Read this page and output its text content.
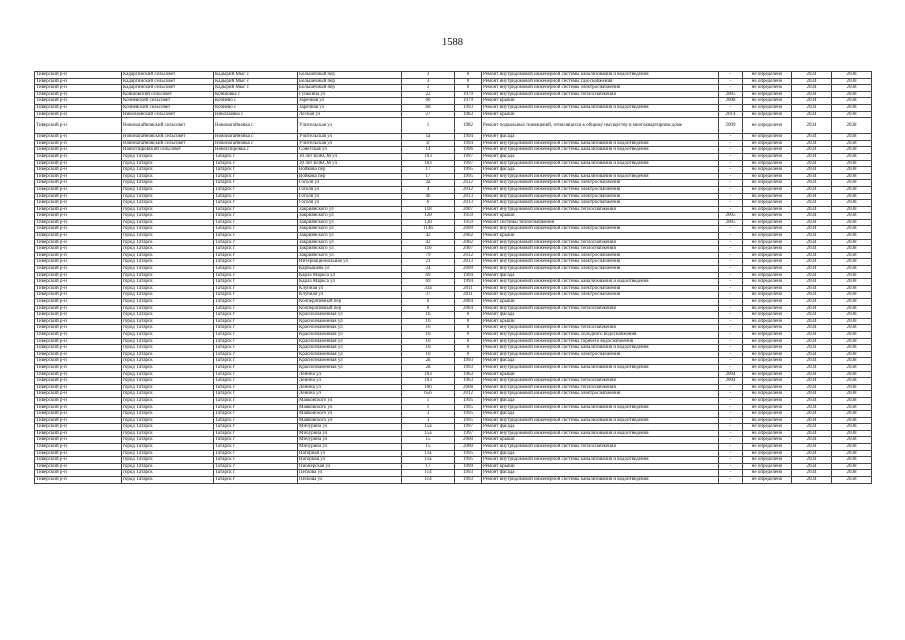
1588
Тиверский р-н	Кадаргинский сельсовет	Кадырий Мыс с	Большечный пер	3	0	Ремонт внутридомовой инженерной системы канализования и водоотведения	-	не определено	2034	2038
Тиверский р-н	Кадаргинский сельсовет	Кадырий Мыс с	Большечный пер	3	0	Ремонт внутридомовой инженерной системы газоснабжения	-	не определено	2034	2038
Тиверский р-н	Кадаргинский сельсовет	Кадырий Мыс с	Большечный пер	3	0	Ремонт внутридомовой инженерной системы электроснабжения	-	не определено	2034	2038
Тиверский р-н	Коншовский сельсовет	Коншовка с	Гунькина ул	22	1979	Ремонт внутридомовой инженерной системы теплоснабжения	2005	не определено	2034	2038
Тиверский р-н	Кочневский сельсовет	Кочнево с	Заречная ул	66	1979	Ремонт крыши	2008	не определено	2034	2038
Тиверский р-н	Кочневский сельсовет	Кочнево с	Заречная ул	68	1993	Ремонт внутридомовой инженерной системы канализования и водоотведения	-	не определено	2034	2038
Тиверский р-н	Николаевский сельсовет	Николаевка с	Лесная ул	27	1983	Ремонт крыши	2014	не определено	2034	2038
Тиверский р-н	Новонагайновский сельсовет	Новонагайновка с	Учительская ул	1	1982	Ремонт подвальных помещений, относящихся к общему имуществу в многоквартирном доме	2009	не определено	2034	2038
Тиверский р-н	Новонагайновский сельсовет	Новонагайновка с	Учительская ул	1а	1994	Ремонт фасада	-	не определено	2034	2038
Тиверский р-н	Новонагайновский сельсовет	Новонагайновка с	Учительская ул	1г	1994	Ремонт внутридомовой инженерной системы канализования и водоотведения	-	не определено	2034	2038
Тиверский р-н	Новоспировский сельсовет	Новоспировка с	Советская ул	14	1996	Ремонт внутридомовой инженерной системы канализования и водоотведения	-	не определено	2034	2038
Тиверский р-н	город Татарск	Татарск г	30 лет ВЛКСМ ул	103	1997	Ремонт фасада	-	не определено	2034	2038
Тиверский р-н	город Татарск	Татарск г	30 лет ВЛКСМ ул	103	1997	Ремонт внутридомовой инженерной системы канализования и водоотведения	-	не определено	2034	2038
Тиверский р-н	город Татарск	Татарск г	Войкова пер	17	1995	Ремонт фасада	-	не определено	2034	2038
Тиверский р-н	город Татарск	Татарск г	Войкова пер	17	1995	Ремонт внутридомовой инженерной системы канализования и водоотведения	-	не определено	2034	2038
Тиверский р-н	город Татарск	Татарск г	Гоголя ул	2а	2012	Ремонт внутридомовой инженерной системы электроснабжения	-	не определено	2034	2038
Тиверский р-н	город Татарск	Татарск г	Гоголя ул	4	2012	Ремонт внутридомовой инженерной системы электроснабжения	-	не определено	2034	2038
Тиверский р-н	город Татарск	Татарск г	Гоголя ул	4б	2013	Ремонт внутридомовой инженерной системы электроснабжения	-	не определено	2034	2038
Тиверский р-н	город Татарск	Татарск г	Гоголя ул	6	2013	Ремонт внутридомовой инженерной системы электроснабжения	-	не определено	2034	2038
Тиверский р-н	город Татарск	Татарск г	Закриянского ул	118	2007	Ремонт внутридомовой инженерной системы теплоснабжения	-	не определено	2034	2038
Тиверский р-н	город Татарск	Татарск г	Закриянского ул	128	1959	Ремонт крыши	2005	не определено	2034	2038
Тиверский р-н	город Татарск	Татарск г	Закриянского ул	128	1959	Ремонт системы теплоснабжения	2005	не определено	2034	2038
Тиверский р-н	город Татарск	Татарск г	Закриянского ул	114б	2009	Ремонт внутридомовой инженерной системы электроснабжения	-	не определено	2034	2038
Тиверский р-н	город Татарск	Татарск г	Закриянского ул	42	2002	Ремонт крыши	-	не определено	2034	2038
Тиверский р-н	город Татарск	Татарск г	Закриянского ул	42	2002	Ремонт внутридомовой инженерной системы теплоснабжения	-	не определено	2034	2038
Тиверский р-н	город Татарск	Татарск г	Закриянского ул	116	2007	Ремонт внутридомовой инженерной системы теплоснабжения	-	не определено	2034	2038
Тиверский р-н	город Татарск	Татарск г	Закриянского ул	79	2012	Ремонт внутридомовой инженерной системы электроснабжения	-	не определено	2034	2038
Тиверский р-н	город Татарск	Татарск г	Интернациональная ул	21	2013	Ремонт внутридомовой инженерной системы электроснабжения	-	не определено	2034	2038
Тиверский р-н	город Татарск	Татарск г	Карбышева ул	24	2009	Ремонт внутридомовой инженерной системы электроснабжения	-	не определено	2034	2038
Тиверский р-н	город Татарск	Татарск г	Карла Маркса ул	69	1994	Ремонт фасада	-	не определено	2034	2038
Тиверский р-н	город Татарск	Татарск г	Карла Маркса ул	69	1994	Ремонт внутридомовой инженерной системы канализования и водоотведения	-	не определено	2034	2038
Тиверский р-н	город Татарск	Татарск г	Клубная ул	33а	2011	Ремонт внутридомовой инженерной системы электроснабжения	-	не определено	2034	2038
Тиверский р-н	город Татарск	Татарск г	Клубная ул	37	2011	Ремонт внутридомовой инженерной системы электроснабжения	-	не определено	2034	2038
Тиверский р-н	город Татарск	Татарск г	Кооперативный пер	6	2004	Ремонт крыши	-	не определено	2034	2038
Тиверский р-н	город Татарск	Татарск г	Кооперативный пер	6	2004	Ремонт внутридомовой инженерной системы теплоснабжения	-	не определено	2034	2038
Тиверский р-н	город Татарск	Татарск г	Краснознаменная ул	16	0	Ремонт фасада	-	не определено	2034	2038
Тиверский р-н	город Татарск	Татарск г	Краснознаменная ул	16	0	Ремонт крыши	-	не определено	2034	2038
Тиверский р-н	город Татарск	Татарск г	Краснознаменная ул	16	0	Ремонт внутридомовой инженерной системы теплоснабжения	-	не определено	2034	2038
Тиверский р-н	город Татарск	Татарск г	Краснознаменная ул	16	0	Ремонт внутридомовой инженерной системы холодного водоснабжения	-	не определено	2034	2038
Тиверский р-н	город Татарск	Татарск г	Краснознаменная ул	16	0	Ремонт внутридомовой инженерной системы горячего водоснабжения	-	не определено	2034	2038
Тиверский р-н	город Татарск	Татарск г	Краснознаменная ул	16	0	Ремонт внутридомовой инженерной системы канализования и водоотведения	-	не определено	2034	2038
Тиверский р-н	город Татарск	Татарск г	Краснознаменная ул	16	0	Ремонт внутридомовой инженерной системы электроснабжения	-	не определено	2034	2038
Тиверский р-н	город Татарск	Татарск г	Краснознаменная ул	2в	1993	Ремонт фасада	-	не определено	2034	2038
Тиверский р-н	город Татарск	Татарск г	Краснознаменная ул	2в	1993	Ремонт внутридомовой инженерной системы канализования и водоотведения	-	не определено	2034	2038
Тиверский р-н	город Татарск	Татарск г	Ленина ул	103	1963	Ремонт крыши	2004	не определено	2034	2038
Тиверский р-н	город Татарск	Татарск г	Ленина ул	103	1963	Ремонт внутридомовой инженерной системы теплоснабжения	2004	не определено	2034	2038
Тиверский р-н	город Татарск	Татарск г	Ленина ул	106	2008	Ремонт внутридомовой инженерной системы теплоснабжения	-	не определено	2034	2038
Тиверский р-н	город Татарск	Татарск г	Ленина ул	65б	2012	Ремонт внутридомовой инженерной системы электроснабжения	-	не определено	2034	2038
Тиверский р-н	город Татарск	Татарск г	Маяковского ул	1	1995	Ремонт фасада	-	не определено	2034	2038
Тиверский р-н	город Татарск	Татарск г	Маяковского ул	1	1995	Ремонт внутридомовой инженерной системы канализования и водоотведения	-	не определено	2034	2038
Тиверский р-н	город Татарск	Татарск г	Маяковского ул	3	1995	Ремонт фасада	-	не определено	2034	2038
Тиверский р-н	город Татарск	Татарск г	Маяковского ул	3	1995	Ремонт внутридомовой инженерной системы канализования и водоотведения	-	не определено	2034	2038
Тиверский р-н	город Татарск	Татарск г	Мичурина ул	15а	1997	Ремонт фасада	-	не определено	2034	2038
Тиверский р-н	город Татарск	Татарск г	Мичурина ул	15а	1997	Ремонт внутридомовой инженерной системы канализования и водоотведения	-	не определено	2034	2038
Тиверский р-н	город Татарск	Татарск г	Мичурина ул	15	2000	Ремонт крыши	-	не определено	2034	2038
Тиверский р-н	город Татарск	Татарск г	Мичурина ул	15	2000	Ремонт внутридомовой инженерной системы теплоснабжения	-	не определено	2034	2038
Тиверский р-н	город Татарск	Татарск г	Нагорная ул	11а	1995	Ремонт фасада	-	не определено	2034	2038
Тиверский р-н	город Татарск	Татарск г	Нагорная ул	11а	1995	Ремонт внутридомовой инженерной системы канализования и водоотведения	-	не определено	2034	2038
Тиверский р-н	город Татарск	Татарск г	Пионерская ул	17	1999	Ремонт крыши	-	не определено	2034	2038
Тиверский р-н	город Татарск	Татарск г	Пескова ул	114	1993	Ремонт фасада	-	не определено	2034	2038
Тиверский р-н	город Татарск	Татарск г	Пескова ул	114	1993	Ремонт внутридомовой инженерной системы канализования и водоотведения	-	не определено	2034	2038
